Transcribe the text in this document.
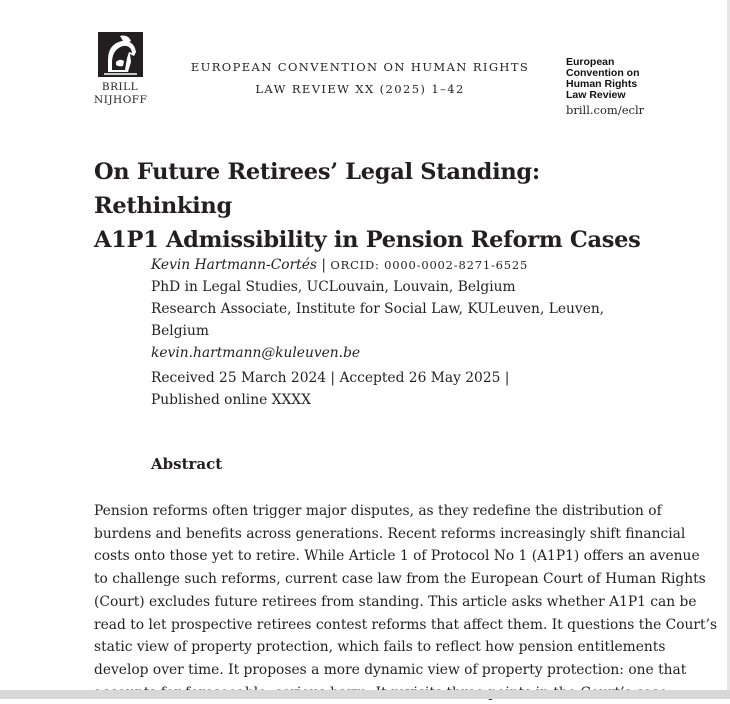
BRILL
NIJHOFF
EUROPEAN CONVENTION ON HUMAN RIGHTS
LAW REVIEW XX (2025) 1–42
European
Convention on
Human Rights
Law Review
brill.com/eclr
On Future Retirees’ Legal Standing: Rethinking
A1P1 Admissibility in Pension Reform Cases
Kevin Hartmann-Cortés | ORCID: 0000-0002-8271-6525
PhD in Legal Studies, UCLouvain, Louvain, Belgium
Research Associate, Institute for Social Law, KULeuven, Leuven, Belgium
kevin.hartmann@kuleuven.be
Received 25 March 2024 | Accepted 26 May 2025 |
Published online XXXX
Abstract
Pension reforms often trigger major disputes, as they redefine the distribution of
burdens and benefits across generations. Recent reforms increasingly shift financial
costs onto those yet to retire. While Article 1 of Protocol No 1 (A1P1) offers an avenue
to challenge such reforms, current case law from the European Court of Human Rights
(Court) excludes future retirees from standing. This article asks whether A1P1 can be
read to let prospective retirees contest reforms that affect them. It questions the Court’s
static view of property protection, which fails to reflect how pension entitlements
develop over time. It proposes a more dynamic view of property protection: one that
